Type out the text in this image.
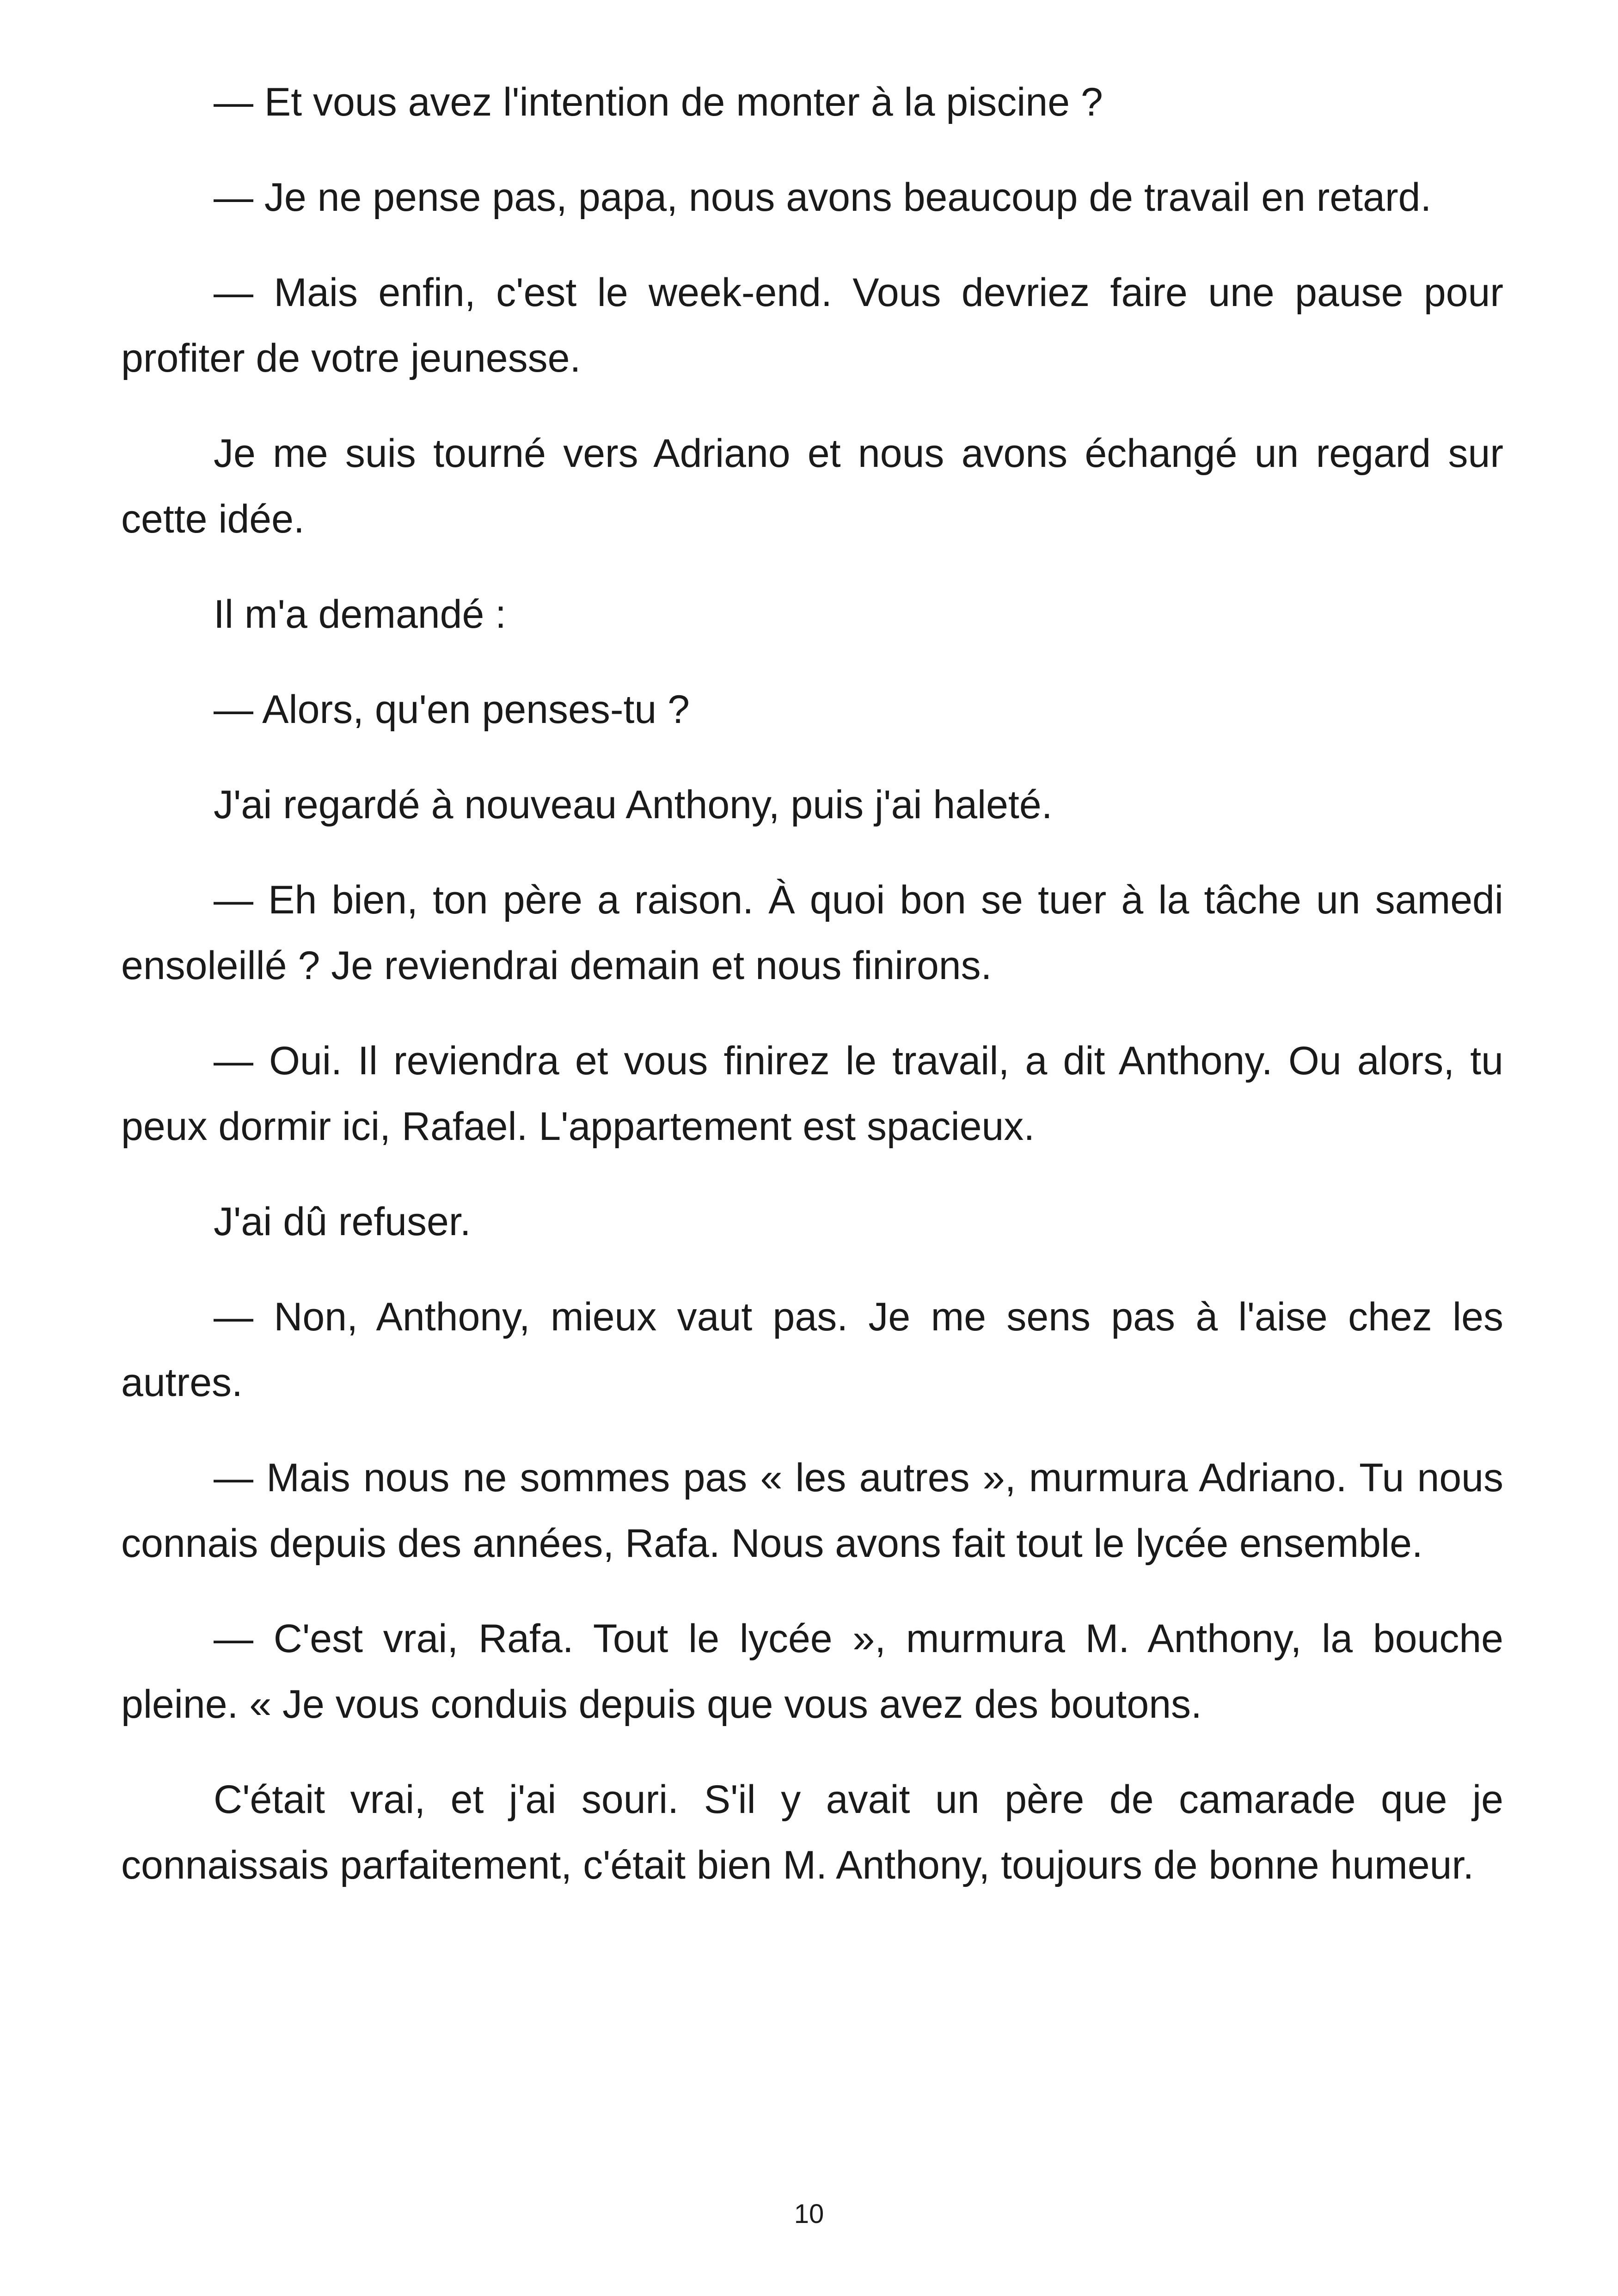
— Et vous avez l'intention de monter à la piscine ?

— Je ne pense pas, papa, nous avons beaucoup de travail en retard.

— Mais enfin, c'est le week-end. Vous devriez faire une pause pour profiter de votre jeunesse.

Je me suis tourné vers Adriano et nous avons échangé un regard sur cette idée.

Il m'a demandé :

— Alors, qu'en penses-tu ?

J'ai regardé à nouveau Anthony, puis j'ai haleté.

— Eh bien, ton père a raison. À quoi bon se tuer à la tâche un samedi ensoleillé ? Je reviendrai demain et nous finirons.

— Oui. Il reviendra et vous finirez le travail, a dit Anthony. Ou alors, tu peux dormir ici, Rafael. L'appartement est spacieux.

J'ai dû refuser.

— Non, Anthony, mieux vaut pas. Je me sens pas à l'aise chez les autres.

— Mais nous ne sommes pas « les autres », murmura Adriano. Tu nous connais depuis des années, Rafa. Nous avons fait tout le lycée ensemble.

— C'est vrai, Rafa. Tout le lycée », murmura M. Anthony, la bouche pleine. « Je vous conduis depuis que vous avez des boutons.

C'était vrai, et j'ai souri. S'il y avait un père de camarade que je connaissais parfaitement, c'était bien M. Anthony, toujours de bonne humeur.

10
